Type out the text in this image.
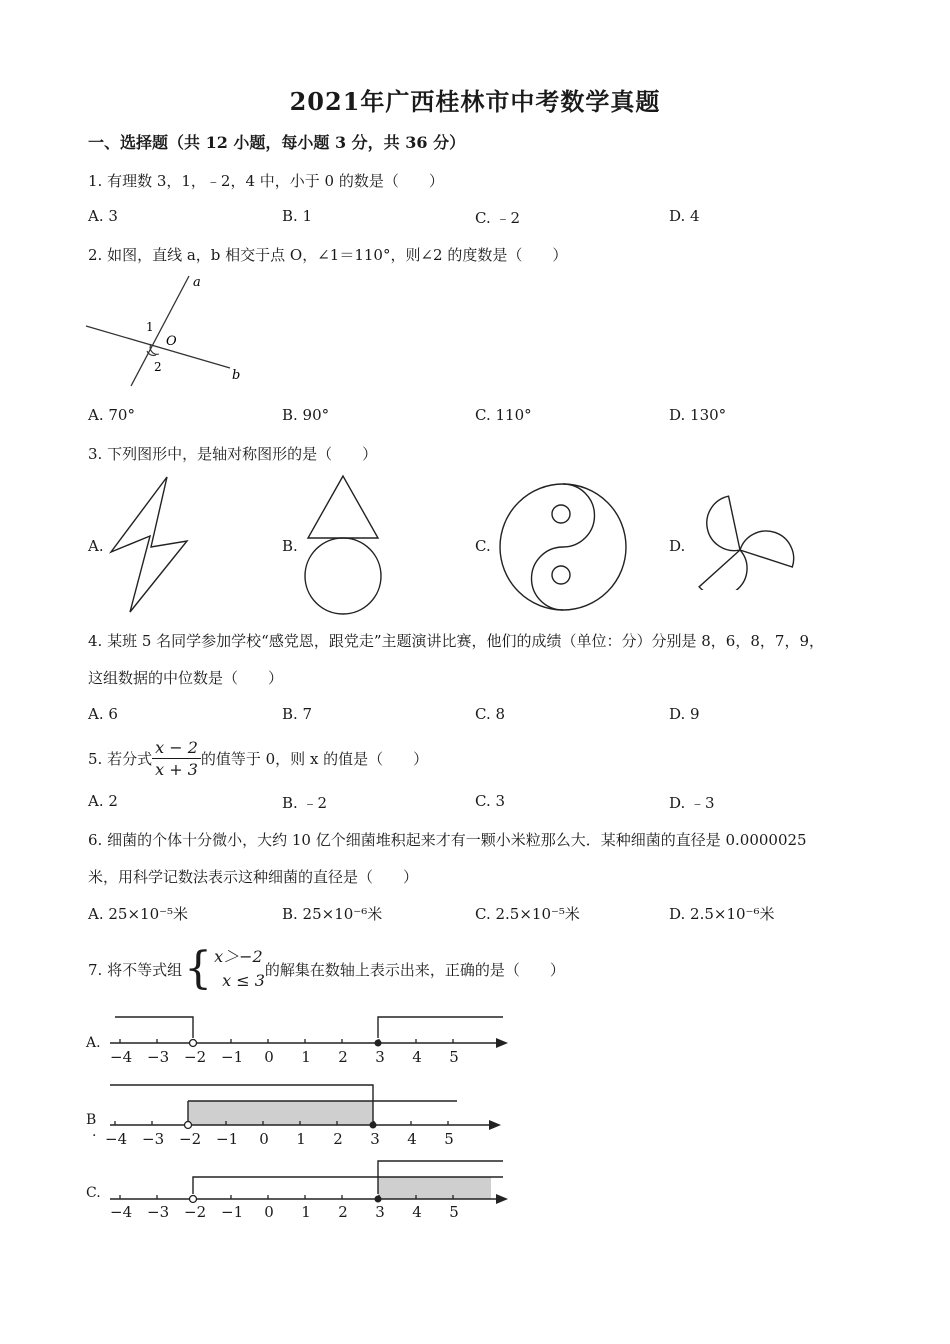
2021年广西桂林市中考数学真题
一、选择题（共 12 小题，每小题 3 分，共 36 分）
1. 有理数 3，1，﹣2，4 中，小于 0 的数是（　　）
A. 3	B. 1	C. ﹣2	D. 4
2. 如图，直线 a，b 相交于点 O，∠1＝110°，则∠2 的度数是（　　）
a
b
O
1
2
A. 70°	B. 90°	C. 110°	D. 130°
3. 下列图形中，是轴对称图形的是（　　）
A.	B.	C.	D.
4. 某班 5 名同学参加学校“感党恩，跟党走”主题演讲比赛，他们的成绩（单位：分）分别是 8，6，8，7，9，
这组数据的中位数是（　　）
A. 6	B. 7	C. 8	D. 9
5. 若分式 $\frac{x - 2}{x + 3}$ 的值等于 0，则 x 的值是（　　）
A. 2	B. ﹣2	C. 3	D. ﹣3
6. 细菌的个体十分微小，大约 10 亿个细菌堆积起来才有一颗小米粒那么大．某种细菌的直径是 0.0000025
米，用科学记数法表示这种细菌的直径是（　　）
A. 25×10⁻⁵米	B. 25×10⁻⁶米	C. 2.5×10⁻⁵米	D. 2.5×10⁻⁶米
7. 将不等式组 { x＞−2
x ≤ 3
的解集在数轴上表示出来，正确的是（　　）
A.
B
.
C.
−4 −3 −2 −1	0	1	2	3	4	5
−4 −3 −2 −1	0	1	2	3	4	5
−4 −3 −2 −1	0	1	2	3	4	5
